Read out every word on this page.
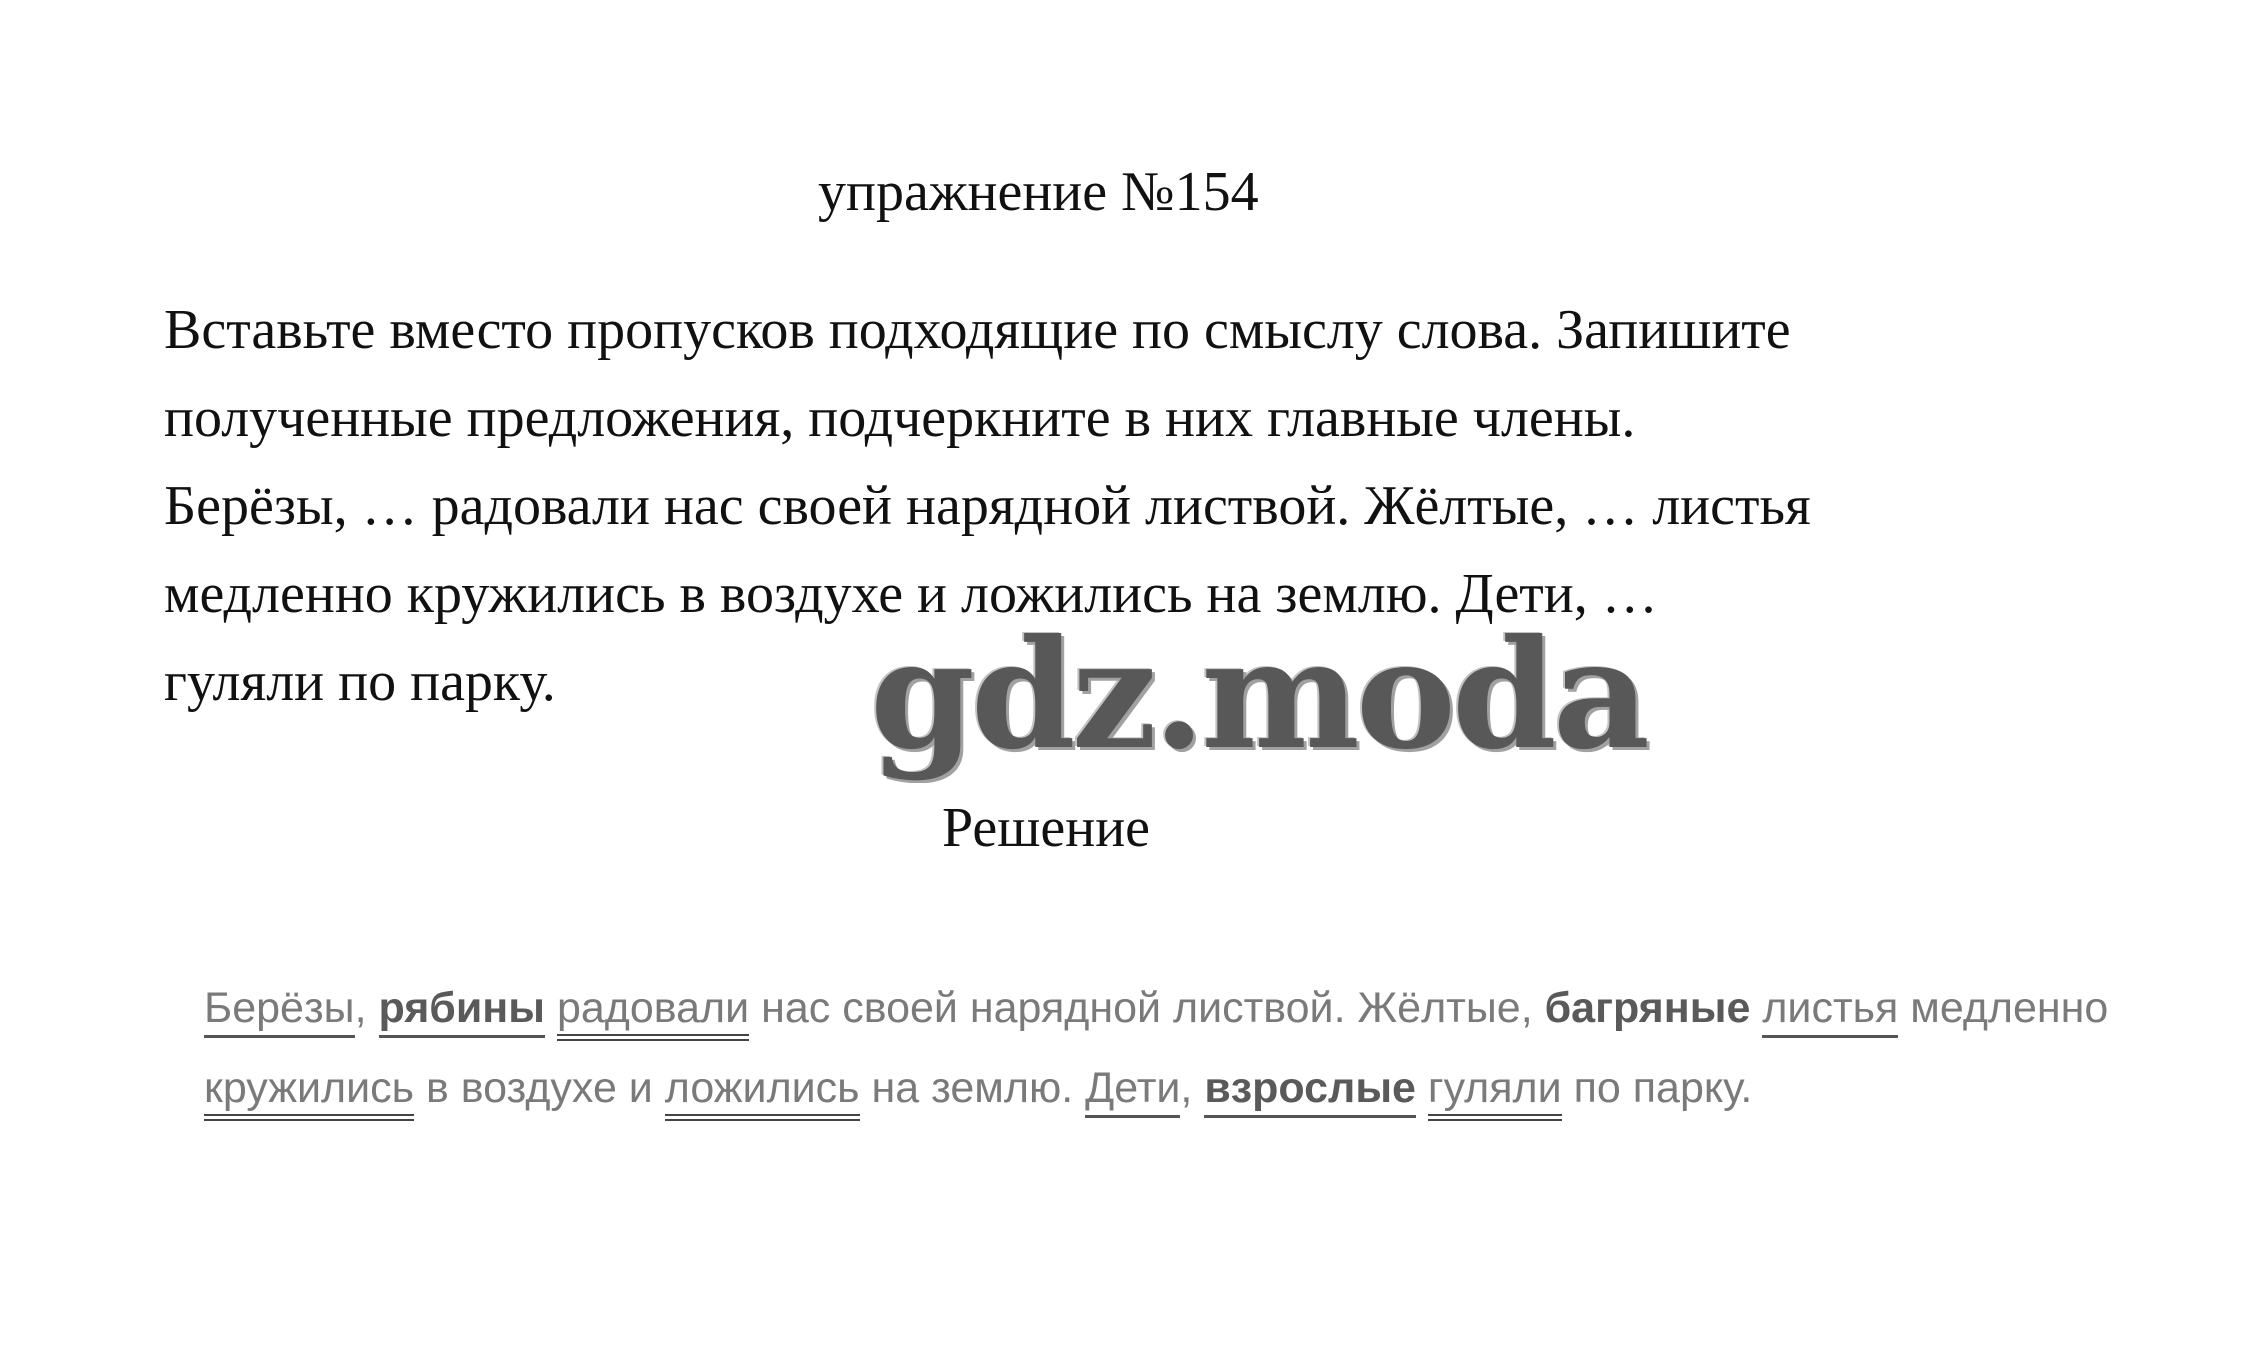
упражнение №154
Вставьте вместо пропусков подходящие по смыслу слова. Запишите
полученные предложения, подчеркните в них главные члены.
Берёзы, … радовали нас своей нарядной листвой. Жёлтые, … листья
медленно кружились в воздухе и ложились на землю. Дети, …
гуляли по парку. gdz.moda
Решение
Берёзы, рябины радовали нас своей нарядной листвой. Жёлтые, багряные листья медленно
кружились в воздухе и ложились на землю. Дети, взрослые гуляли по парку.
